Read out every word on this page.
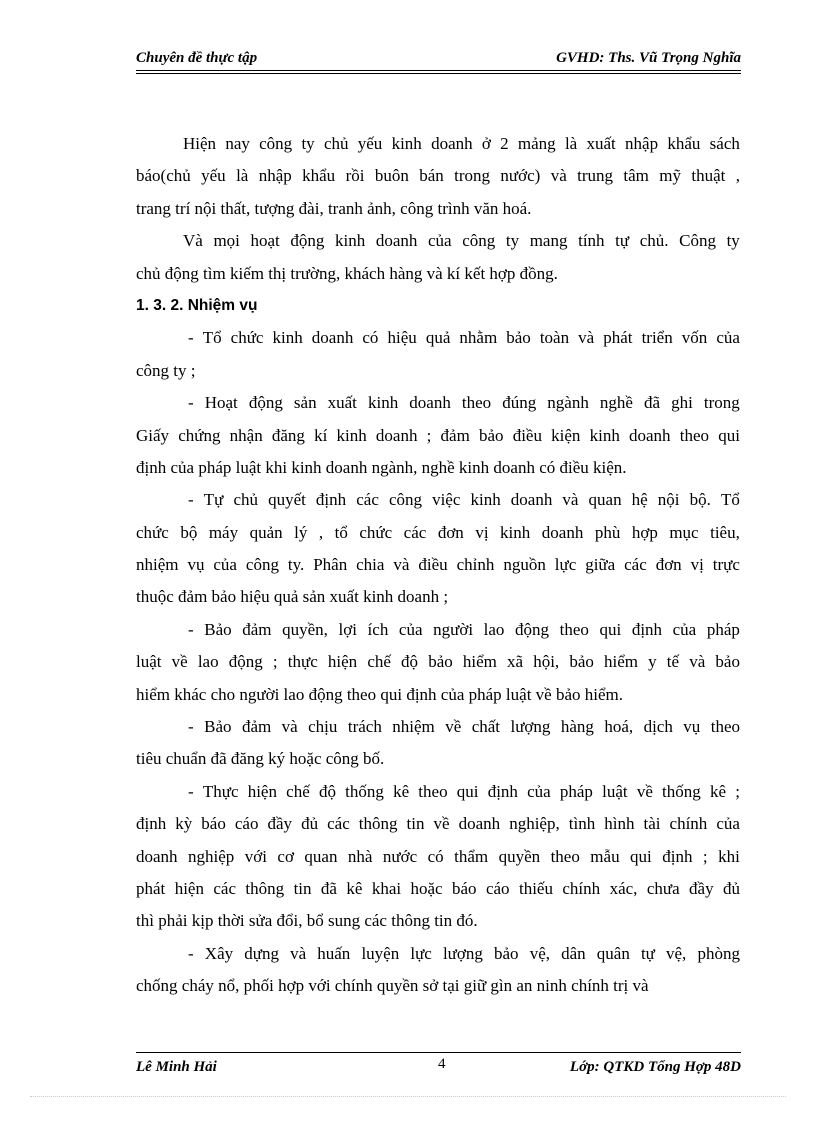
Chuyên đề thực tập	GVHD: Ths. Vũ Trọng Nghĩa
Hiện nay công ty chủ yếu kinh doanh ở 2 mảng là xuất nhập khẩu sách
báo(chủ yếu là nhập khẩu rồi buôn bán trong nước) và trung tâm mỹ thuật ,
trang trí nội thất, tượng đài, tranh ảnh, công trình văn hoá.
Và mọi hoạt động kinh doanh của công ty mang tính tự chủ. Công ty
chủ động tìm kiếm thị trường, khách hàng và kí kết hợp đồng.
1. 3. 2. Nhiệm vụ
- Tổ chức kinh doanh có hiệu quả nhằm bảo toàn và phát triển vốn của
công ty ;
- Hoạt động sản xuất kinh doanh theo đúng ngành nghề đã ghi trong
Giấy chứng nhận đăng kí kinh doanh ; đảm bảo điều kiện kinh doanh theo qui
định của pháp luật khi kinh doanh ngành, nghề kinh doanh có điều kiện.
- Tự chủ quyết định các công việc kinh doanh và quan hệ nội bộ. Tổ
chức bộ máy quản lý , tổ chức các đơn vị kinh doanh phù hợp mục tiêu,
nhiệm vụ của công ty. Phân chia và điều chỉnh nguồn lực giữa các đơn vị trực
thuộc đảm bảo hiệu quả sản xuất kinh doanh ;
- Bảo đảm quyền, lợi ích của người lao động theo qui định của pháp
luật về lao động ; thực hiện chế độ bảo hiểm xã hội, bảo hiểm y tế và bảo
hiểm khác cho người lao động theo qui định của pháp luật về bảo hiểm.
- Bảo đảm và chịu trách nhiệm về chất lượng hàng hoá, dịch vụ theo
tiêu chuẩn đã đăng ký hoặc công bố.
- Thực hiện chế độ thống kê theo qui định của pháp luật về thống kê ;
định kỳ báo cáo đầy đủ các thông tin về doanh nghiệp, tình hình tài chính của
doanh nghiệp với cơ quan nhà nước có thẩm quyền theo mẫu qui định ; khi
phát hiện các thông tin đã kê khai hoặc báo cáo thiếu chính xác, chưa đầy đủ
thì phải kịp thời sửa đổi, bổ sung các thông tin đó.
- Xây dựng và huấn luyện lực lượng bảo vệ, dân quân tự vệ, phòng
chống cháy nổ, phối hợp với chính quyền sở tại giữ gìn an ninh chính trị và
Lê Minh Hải	4	Lớp: QTKD Tổng Hợp 48D
